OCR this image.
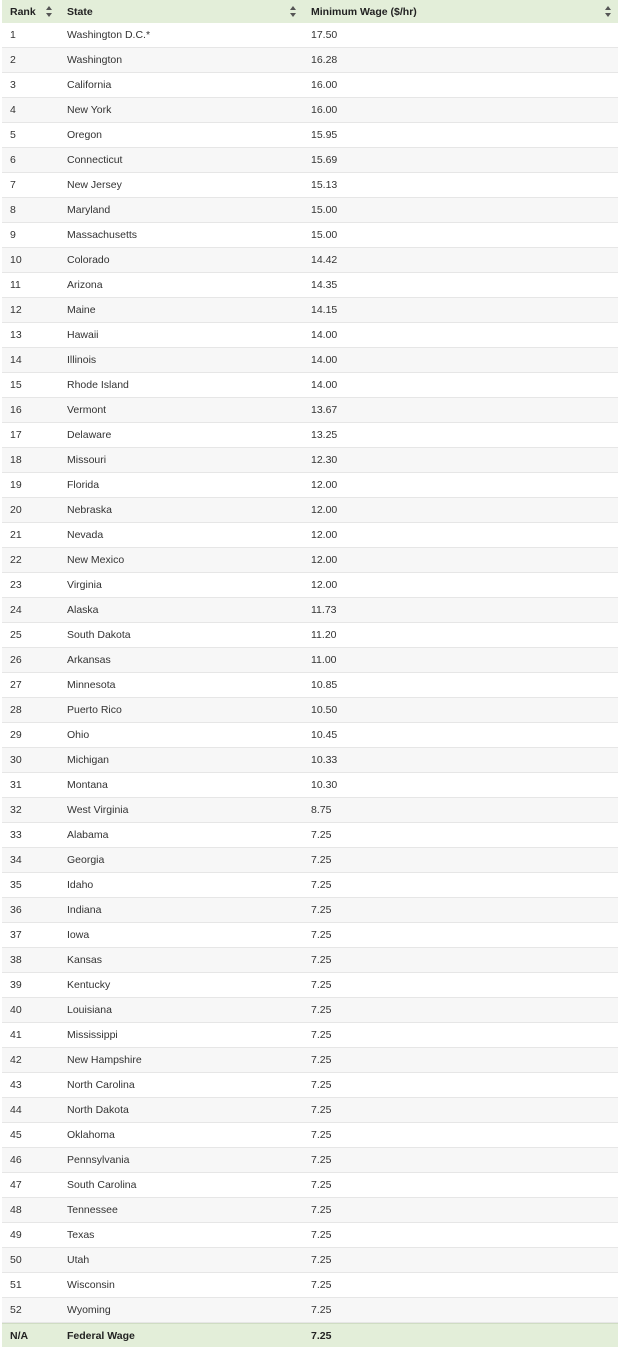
Rank	State	Minimum Wage ($/hr)
1	Washington D.C.*	17.50
2	Washington	16.28
3	California	16.00
4	New York	16.00
5	Oregon	15.95
6	Connecticut	15.69
7	New Jersey	15.13
8	Maryland	15.00
9	Massachusetts	15.00
10	Colorado	14.42
11	Arizona	14.35
12	Maine	14.15
13	Hawaii	14.00
14	Illinois	14.00
15	Rhode Island	14.00
16	Vermont	13.67
17	Delaware	13.25
18	Missouri	12.30
19	Florida	12.00
20	Nebraska	12.00
21	Nevada	12.00
22	New Mexico	12.00
23	Virginia	12.00
24	Alaska	11.73
25	South Dakota	11.20
26	Arkansas	11.00
27	Minnesota	10.85
28	Puerto Rico	10.50
29	Ohio	10.45
30	Michigan	10.33
31	Montana	10.30
32	West Virginia	8.75
33	Alabama	7.25
34	Georgia	7.25
35	Idaho	7.25
36	Indiana	7.25
37	Iowa	7.25
38	Kansas	7.25
39	Kentucky	7.25
40	Louisiana	7.25
41	Mississippi	7.25
42	New Hampshire	7.25
43	North Carolina	7.25
44	North Dakota	7.25
45	Oklahoma	7.25
46	Pennsylvania	7.25
47	South Carolina	7.25
48	Tennessee	7.25
49	Texas	7.25
50	Utah	7.25
51	Wisconsin	7.25
52	Wyoming	7.25
N/A	Federal Wage	7.25
